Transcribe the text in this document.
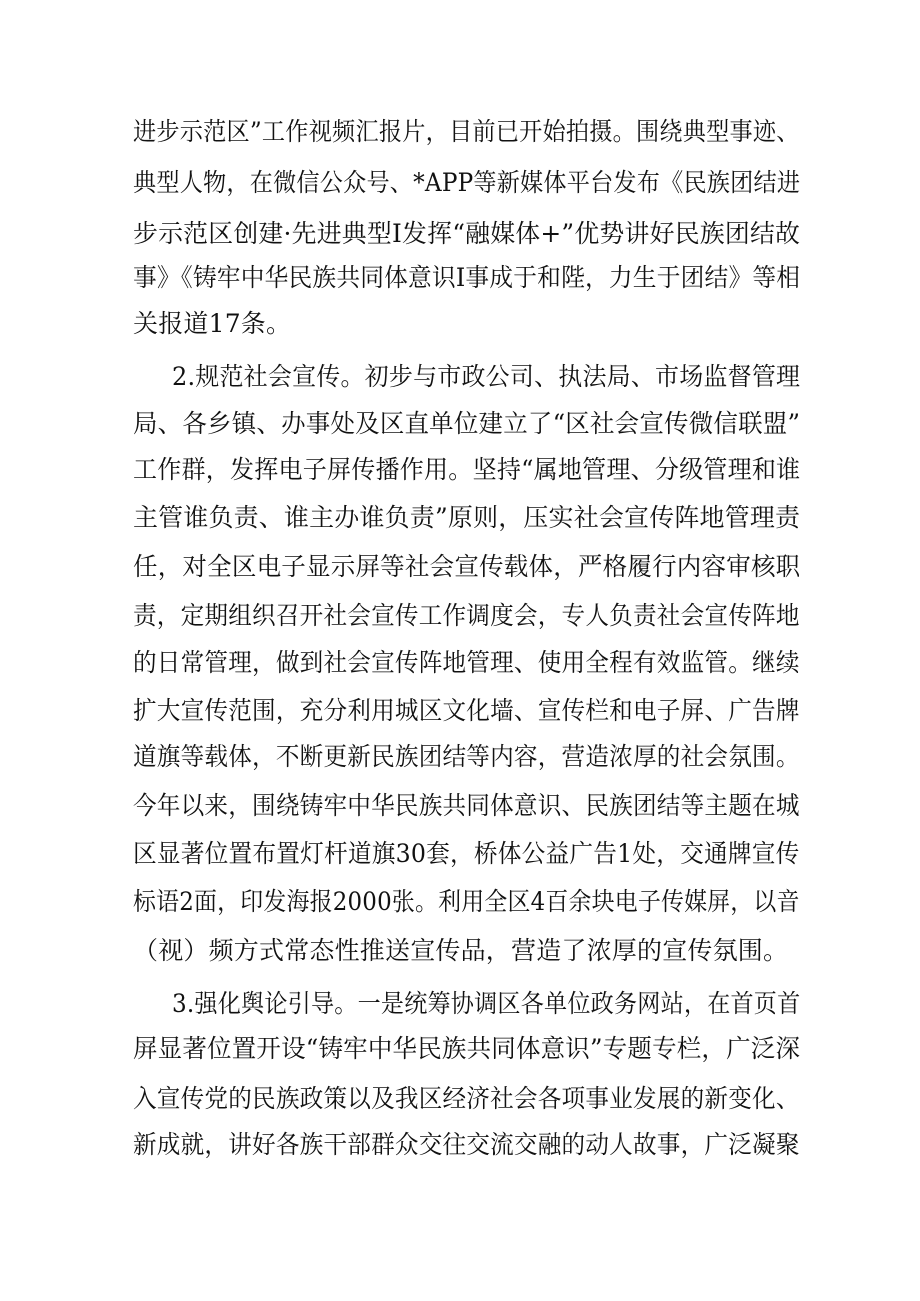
进步示范区”工作视频汇报片，目前已开始拍摄。围绕典型事迹、
典型人物，在微信公众号、*APP等新媒体平台发布《民族团结进
步示范区创建·先进典型I发挥“融媒体+”优势讲好民族团结故
事》《铸牢中华民族共同体意识I事成于和陛，力生于团结》等相
关报道17条。
2.规范社会宣传。初步与市政公司、执法局、市场监督管理
局、各乡镇、办事处及区直单位建立了“区社会宣传微信联盟”
工作群，发挥电子屏传播作用。坚持“属地管理、分级管理和谁
主管谁负责、谁主办谁负责”原则，压实社会宣传阵地管理责
任，对全区电子显示屏等社会宣传载体，严格履行内容审核职
责，定期组织召开社会宣传工作调度会，专人负责社会宣传阵地
的日常管理，做到社会宣传阵地管理、使用全程有效监管。继续
扩大宣传范围，充分利用城区文化墙、宣传栏和电子屏、广告牌
道旗等载体，不断更新民族团结等内容，营造浓厚的社会氛围。
今年以来，围绕铸牢中华民族共同体意识、民族团结等主题在城
区显著位置布置灯杆道旗30套，桥体公益广告1处，交通牌宣传
标语2面，印发海报2000张。利用全区4百余块电子传媒屏，以音
（视）频方式常态性推送宣传品，营造了浓厚的宣传氛围。
3.强化舆论引导。一是统筹协调区各单位政务网站，在首页首
屏显著位置开设“铸牢中华民族共同体意识”专题专栏，广泛深
入宣传党的民族政策以及我区经济社会各项事业发展的新变化、
新成就，讲好各族干部群众交往交流交融的动人故事，广泛凝聚
